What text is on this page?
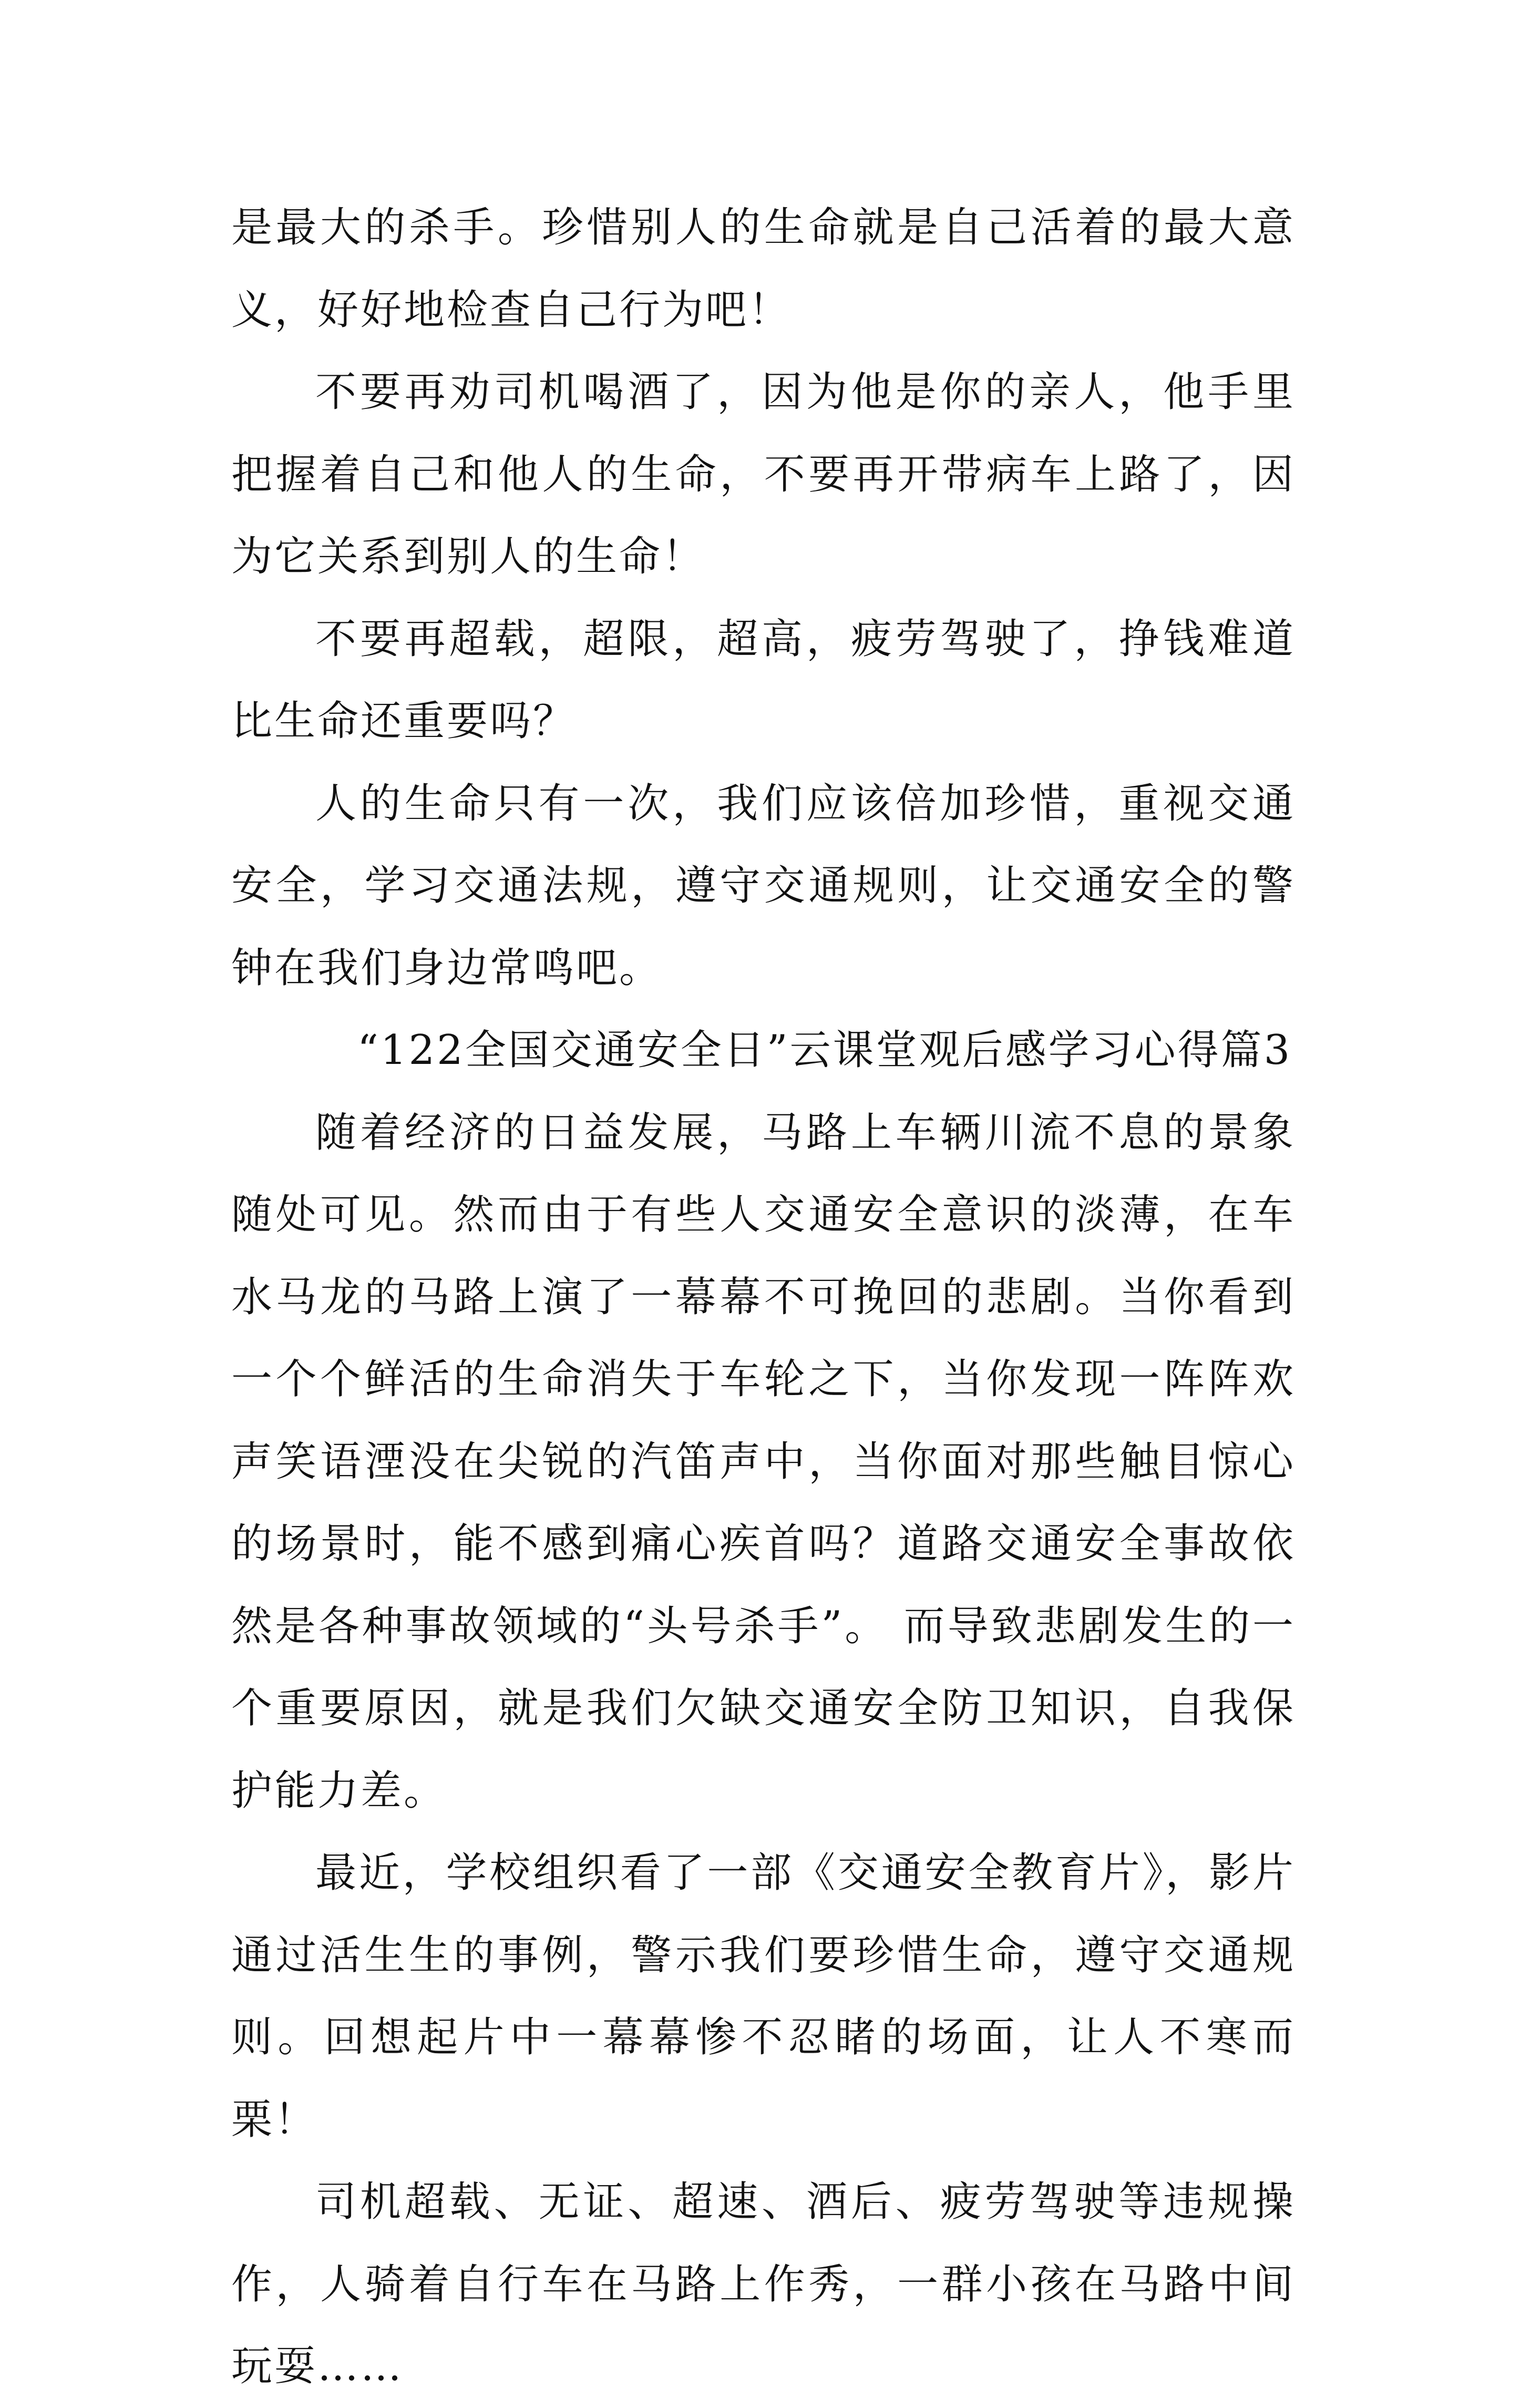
是最大的杀手。珍惜别人的生命就是自己活着的最大意义，好好地检查自己行为吧！

不要再劝司机喝酒了，因为他是你的亲人，他手里把握着自己和他人的生命，不要再开带病车上路了，因为它关系到别人的生命！

不要再超载，超限，超高，疲劳驾驶了，挣钱难道比生命还重要吗？

人的生命只有一次，我们应该倍加珍惜，重视交通安全，学习交通法规，遵守交通规则，让交通安全的警钟在我们身边常鸣吧。

“122全国交通安全日”云课堂观后感学习心得篇3

随着经济的日益发展，马路上车辆川流不息的景象随处可见。然而由于有些人交通安全意识的淡薄，在车水马龙的马路上演了一幕幕不可挽回的悲剧。当你看到一个个鲜活的生命消失于车轮之下，当你发现一阵阵欢声笑语湮没在尖锐的汽笛声中，当你面对那些触目惊心的场景时，能不感到痛心疾首吗？道路交通安全事故依然是各种事故领域的“头号杀手”。 而导致悲剧发生的一个重要原因，就是我们欠缺交通安全防卫知识，自我保护能力差。

最近，学校组织看了一部《交通安全教育片》，影片通过活生生的事例，警示我们要珍惜生命，遵守交通规则。回想起片中一幕幕惨不忍睹的场面，让人不寒而栗！

司机超载、无证、超速、酒后、疲劳驾驶等违规操作，人骑着自行车在马路上作秀，一群小孩在马路中间玩耍……
